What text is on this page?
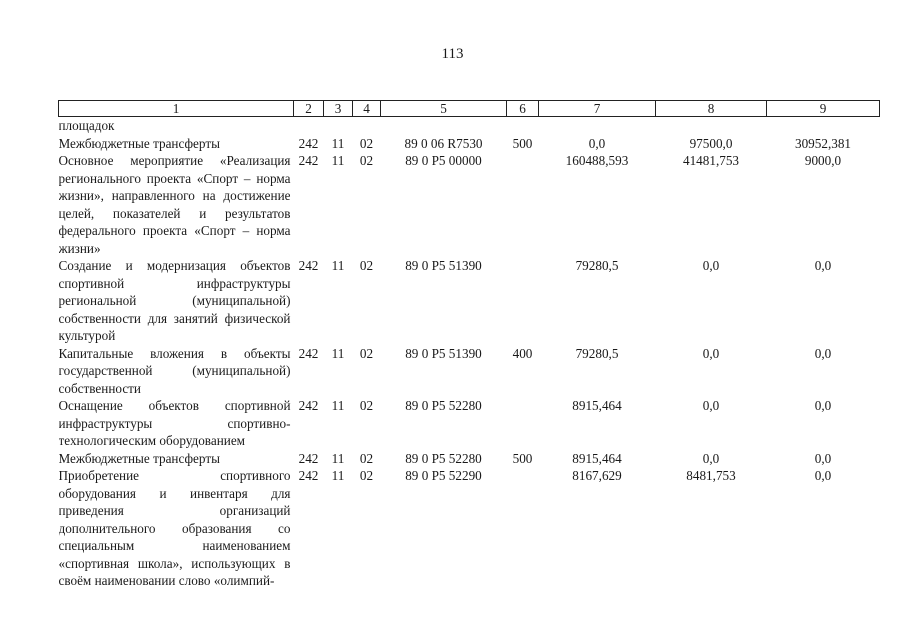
113
1	2	3	4	5	6	7	8	9
площадок								
Межбюджетные трансферты	242	11	02	89 0 06 R7530	500	0,0	97500,0	30952,381
Основное мероприятие «Реализация регионального проекта «Спорт – норма жизни», направленного на достижение целей, показателей и результатов федерального проекта «Спорт – норма жизни»	242	11	02	89 0 P5 00000		160488,593	41481,753	9000,0
Создание и модернизация объектов спортивной инфраструктуры региональной (муниципальной) собственности для занятий физической культурой	242	11	02	89 0 P5 51390		79280,5	0,0	0,0
Капитальные вложения в объекты государственной (муниципальной) собственности	242	11	02	89 0 P5 51390	400	79280,5	0,0	0,0
Оснащение объектов спортивной инфраструктуры спортивно-технологическим оборудованием	242	11	02	89 0 P5 52280		8915,464	0,0	0,0
Межбюджетные трансферты	242	11	02	89 0 P5 52280	500	8915,464	0,0	0,0
Приобретение спортивного оборудования и инвентаря для приведения организаций дополнительного образования со специальным наименованием «спортивная школа», использующих в своём наименовании слово «олимпий-	242	11	02	89 0 P5 52290		8167,629	8481,753	0,0
